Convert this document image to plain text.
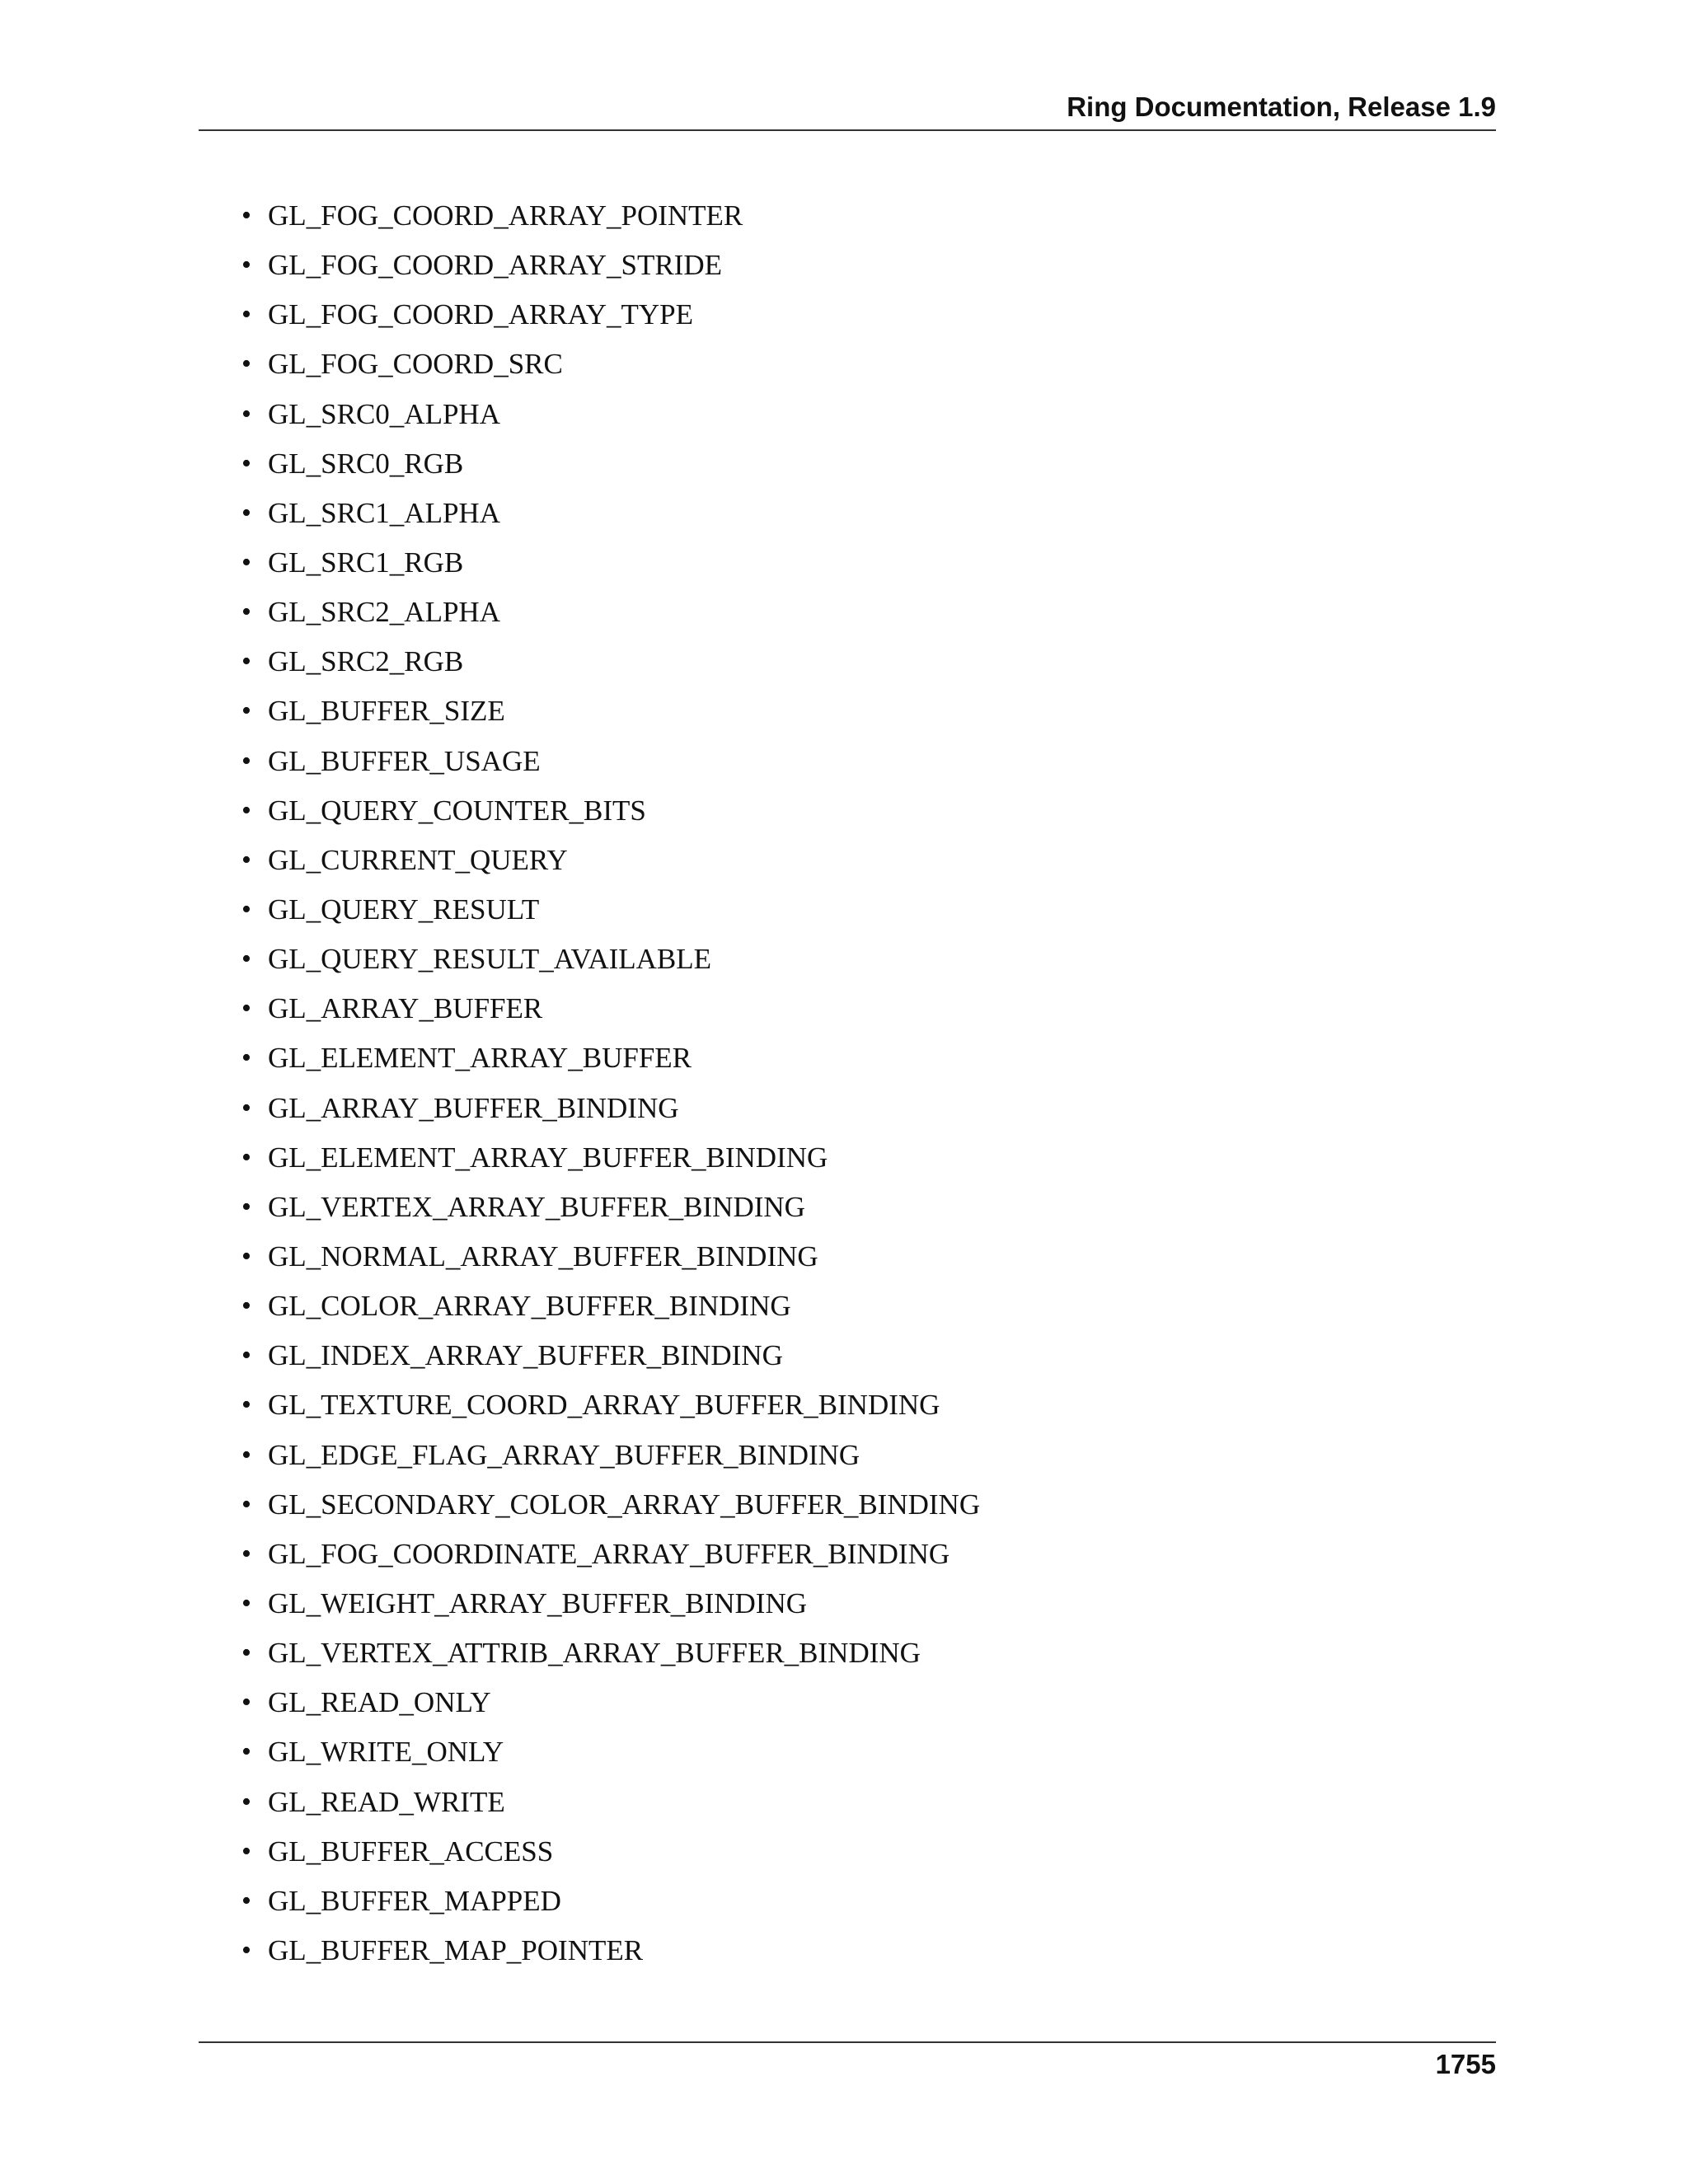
Ring Documentation, Release 1.9
• GL_FOG_COORD_ARRAY_POINTER
• GL_FOG_COORD_ARRAY_STRIDE
• GL_FOG_COORD_ARRAY_TYPE
• GL_FOG_COORD_SRC
• GL_SRC0_ALPHA
• GL_SRC0_RGB
• GL_SRC1_ALPHA
• GL_SRC1_RGB
• GL_SRC2_ALPHA
• GL_SRC2_RGB
• GL_BUFFER_SIZE
• GL_BUFFER_USAGE
• GL_QUERY_COUNTER_BITS
• GL_CURRENT_QUERY
• GL_QUERY_RESULT
• GL_QUERY_RESULT_AVAILABLE
• GL_ARRAY_BUFFER
• GL_ELEMENT_ARRAY_BUFFER
• GL_ARRAY_BUFFER_BINDING
• GL_ELEMENT_ARRAY_BUFFER_BINDING
• GL_VERTEX_ARRAY_BUFFER_BINDING
• GL_NORMAL_ARRAY_BUFFER_BINDING
• GL_COLOR_ARRAY_BUFFER_BINDING
• GL_INDEX_ARRAY_BUFFER_BINDING
• GL_TEXTURE_COORD_ARRAY_BUFFER_BINDING
• GL_EDGE_FLAG_ARRAY_BUFFER_BINDING
• GL_SECONDARY_COLOR_ARRAY_BUFFER_BINDING
• GL_FOG_COORDINATE_ARRAY_BUFFER_BINDING
• GL_WEIGHT_ARRAY_BUFFER_BINDING
• GL_VERTEX_ATTRIB_ARRAY_BUFFER_BINDING
• GL_READ_ONLY
• GL_WRITE_ONLY
• GL_READ_WRITE
• GL_BUFFER_ACCESS
• GL_BUFFER_MAPPED
• GL_BUFFER_MAP_POINTER
1755
